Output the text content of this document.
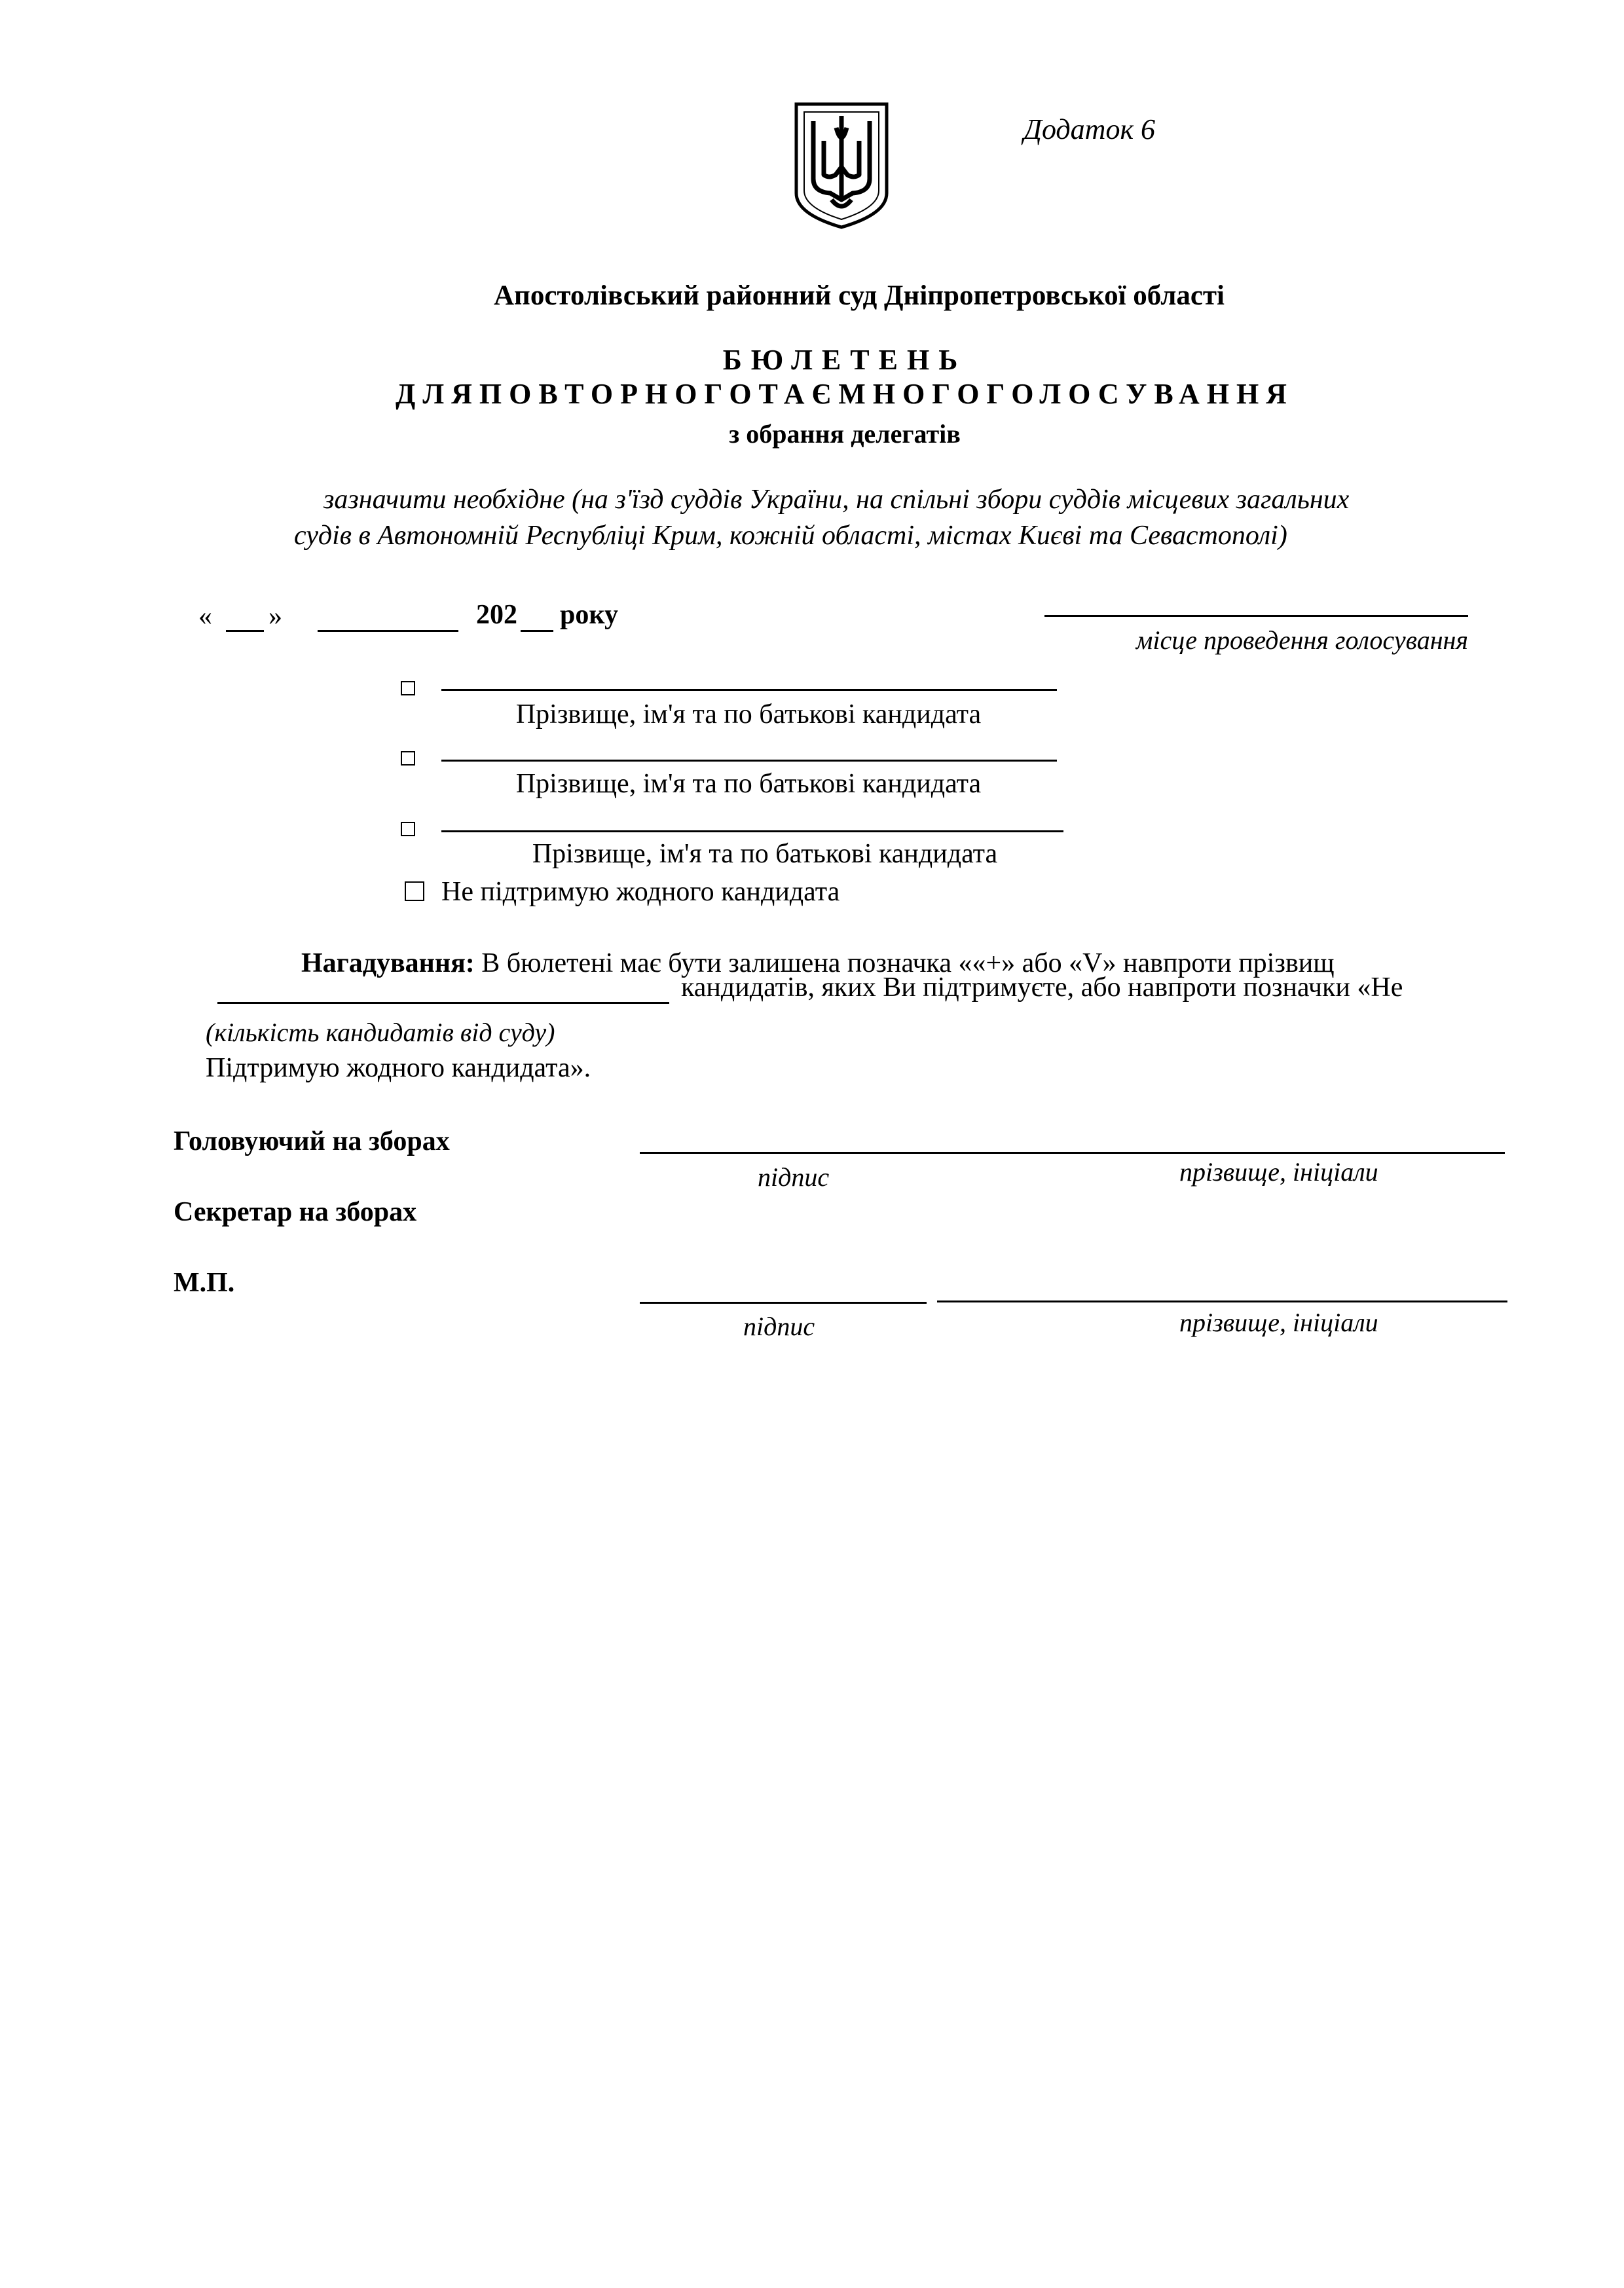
Додаток 6
Апостолівський районний суд Дніпропетровської області
БЮЛЕТЕНЬ
ДЛЯПОВТОРНОГОТАЄМНОГОГОЛОСУВАННЯ
з обрання делегатів
зазначити необхідне (на з'їзд суддів України, на спільні збори суддів місцевих загальних
судів в Автономній Республіці Крим, кожній області, містах Києві та Севастополі)
« »	202 року
місце проведення голосування
Прізвище, ім'я та по батькові кандидата
Прізвище, ім'я та по батькові кандидата
Прізвище, ім'я та по батькові кандидата
Не підтримую жодного кандидата
Нагадування: В бюлетені має бути залишена позначка ««+» або «V» навпроти прізвищ
кандидатів, яких Ви підтримуєте, або навпроти позначки «Не
(кількість кандидатів від суду)
Підтримую жодного кандидата».
Головуючий на зборах
підпис	прізвище, ініціали
Секретар на зборах
М.П.
підпис	прізвище, ініціали
